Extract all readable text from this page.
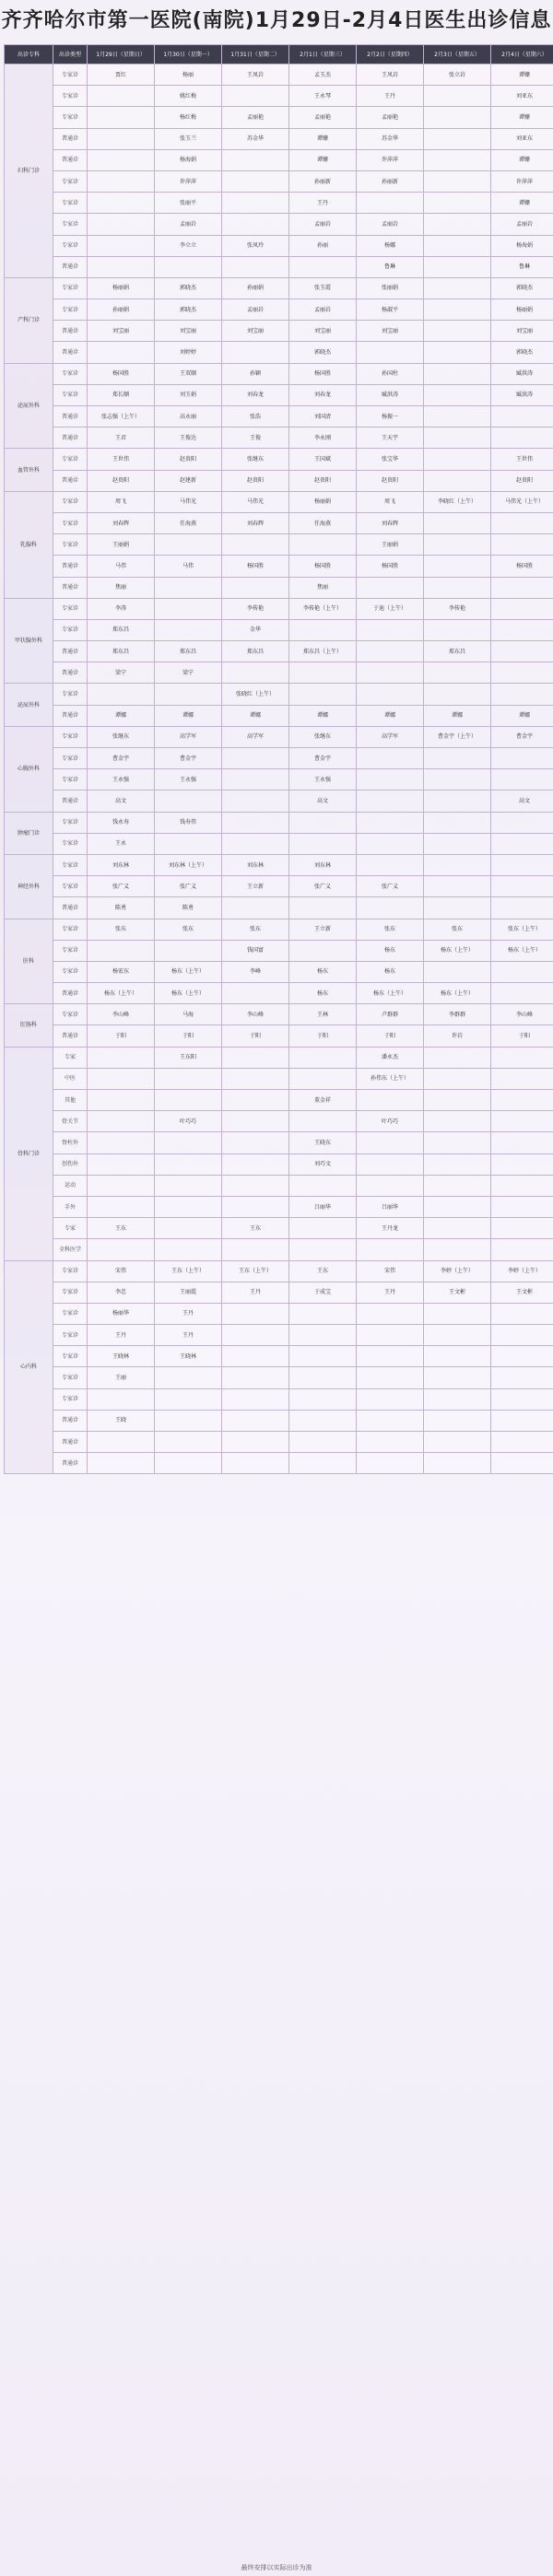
齐齐哈尔市第一医院(南院)1月29日-2月4日医生出诊信息
出诊专科	出诊类型	1月29日（星期日）	1月30日（星期一）	1月31日（星期二）	2月1日（星期三）	2月2日（星期四）	2月3日（星期五）	2月4日（星期六）
妇科门诊	专家诊	贾红	杨丽	王凤岩	孟玉杰	王凤岩	张立岩	谭姗
	专家诊		姚红梅		王永琴	王丹		刘亚东
	专家诊		杨红梅	孟丽艳	孟丽艳	孟丽艳		谭姗
	普通诊		张玉兰	苏金华	谭姗	苏金华		刘亚东
	普通诊		杨海娟		谭姗	许萍萍		谭姗
	专家诊		许萍萍		孙丽新	孙丽新		许萍萍
	专家诊		张丽平		王丹			谭姗
	专家诊		孟丽岩		孟丽岩	孟丽岩		孟丽岩
	专家诊		李立立	张凤玲	孙丽	杨娜		杨海娟
	普通诊					鲁琳		鲁琳
产科门诊	专家诊	杨丽娟	郭晓杰	孙丽娟	张玉霞	张丽娟		郭晓杰
	专家诊	孙丽娟	郭晓杰	孟丽岩	孟丽岩	杨淑平		杨丽娟
	普通诊	刘宝丽	刘宝丽	刘宝丽	刘宝丽	刘宝丽		刘宝丽
	普通诊		刘婷婷		郭晓杰			郭晓杰
泌尿外科	专家诊	杨国胜	王双顺	孙颖	杨国胜	孙国柱		臧洪涛
	专家诊	郑长顺	刘玉娟	刘春龙	刘春龙	臧洪涛		臧洪涛
	普通诊	张志强（上午）	高永丽	张浩	刘国清	杨振一		
	普通诊	王君	王俊达	王俊	李永刚	王天宇		
血管外科	专家诊	王世伟	赵贵阳	张继东	王国斌	张宝华		王世伟
	普通诊	赵贵阳	赵建新	赵贵阳	赵贵阳	赵贵阳		赵贵阳
乳腺科	专家诊	周飞	马伟光	马伟光	杨丽娟	周飞	李晓红（上午）	马伟光（上午）
	专家诊	刘春辉	任海燕	刘春辉	任海燕	刘春辉		
	专家诊	王丽娟				王丽娟		
	普通诊	马伟	马伟	杨国胜	杨国胜	杨国胜		杨国胜
	普通诊	焦丽			焦丽			
甲状腺外科	专家诊	李涛		李传艳	李传艳（上午）	于迪（上午）	李传艳	
	专家诊	郑东昌		金华				
	普通诊	郑东昌	郑东昌	郑东昌	郑东昌（上午）		郑东昌	
	普通诊	梁宁	梁宁					
泌尿外科	专家诊			张晓红（上午）				
	普通诊	谭娜	谭娜	谭娜	谭娜	谭娜	谭娜	谭娜
心胸外科	专家诊	张继东	高学军	高学军	张继东	高学军	曹金宇（上午）	曹金宇
	专家诊	曹金宇	曹金宇		曹金宇			
	专家诊	王永强	王永强		王永强			
	普通诊	高文			高文			高文
肿瘤门诊	专家诊	钱永寿	钱寿伟					
	专家诊	王永						
神经外科	专家诊	刘东林	刘东林（上午）	刘东林	刘东林			
	专家诊	张广义	张广义	王立新	张广义	张广义		
	普通诊	陈勇	陈勇					
肝科	专家诊	张东	张东	张东	王立新	张东	张东	张东（上午）
	专家诊			钱国富		杨东	杨东（上午）	杨东（上午）
	专家诊	杨宏东	杨东（上午）	李峰	杨东	杨东		
	普通诊	杨东（上午）	杨东（上午）		杨东	杨东（上午）	杨东（上午）	
肛肠科	专家诊	李山峰	马海	李山峰	王林	卢群群	李群群	李山峰
	普通诊	于阳	于阳	于阳	于阳	于阳	许岩	于阳
骨科门诊	专家		王东阳			潘永杰		
	中医					孙伟东（上午）		
	其他				董金祥			
	骨关节		叶巧巧			叶巧巧		
	脊柱外				王晓东			
	创伤外				刘巧文			
	运动							
	手外				吕丽华	吕丽华		
	专家	王东		王东		王丹龙		
	全科医学							
心内科	专家诊	宋伟	王东（上午）	王东（上午）	王东	宋伟	李婷（上午）	李婷（上午）
	专家诊	李忠	王丽霞	王丹	于成宝	王丹	王文彬	王文彬
	专家诊	杨丽华	王丹					
	专家诊	王丹	王丹					
	专家诊	王晓林	王晓林					
	专家诊	王丽						
	专家诊							
	普通诊	王晓						
	普通诊							
	普通诊							
最终安排以实际出诊为准
